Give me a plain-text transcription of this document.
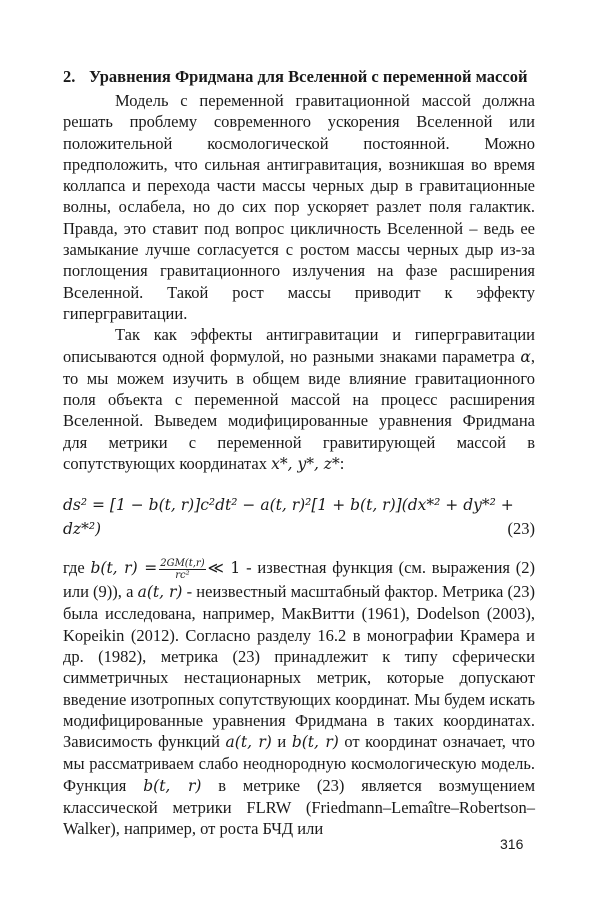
2. Уравнения Фридмана для Вселенной с переменной массой

Модель с переменной гравитационной массой должна решать проблему современного ускорения Вселенной или положительной космологической постоянной. Можно предположить, что сильная антигравитация, возникшая во время коллапса и перехода части массы черных дыр в гравитационные волны, ослабела, но до сих пор ускоряет разлет поля галактик. Правда, это ставит под вопрос цикличность Вселенной – ведь ее замыкание лучше согласуется с ростом массы черных дыр из-за поглощения гравитационного излучения на фазе расширения Вселенной. Такой рост массы приводит к эффекту гипергравитации.

Так как эффекты антигравитации и гипергравитации описываются одной формулой, но разными знаками параметра α, то мы можем изучить в общем виде влияние гравитационного поля объекта с переменной массой на процесс расширения Вселенной. Выведем модифицированные уравнения Фридмана для метрики с переменной гравитирующей массой в сопутствующих координатах x*, y*, z*:

ds² = [1 − b(t, r)]c²dt² − a(t, r)²[1 + b(t, r)](dx*² + dy*² +
dz*²)	(23)

где b(t, $r) = \frac{2GM(t,r)}{\text{rc²}}$ ≪ 1 - известная функция (см. выражения (2) или (9)), а a(t, r) - неизвестный масштабный фактор. Метрика (23) была исследована, например, МакВитти (1961), Dodelson (2003), Kopeikin (2012). Согласно разделу 16.2 в монографии Крамера и др. (1982), метрика (23) принадлежит к типу сферически симметричных нестационарных метрик, которые допускают введение изотропных сопутствующих координат. Мы будем искать модифицированные уравнения Фридмана в таких координатах. Зависимость функций a(t, r) и b(t, r) от координат означает, что мы рассматриваем слабо неоднородную космологическую модель. Функция b(t, r) в метрике (23) является возмущением классической метрики FLRW (Friedmann–Lemaître–Robertson–Walker), например, от роста БЧД или

316
